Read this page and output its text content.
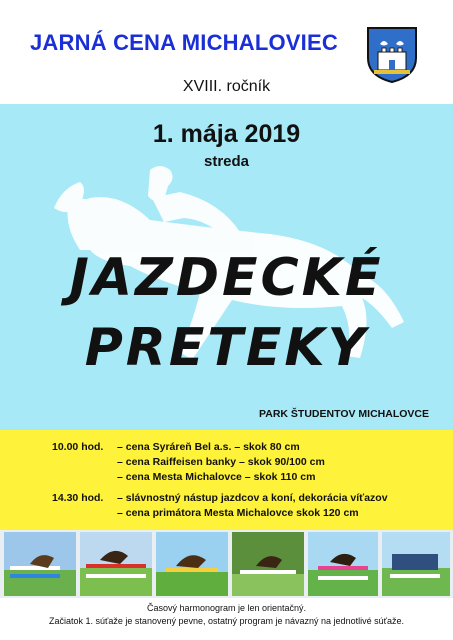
JARNÁ CENA MICHALOVIEC
XVIII. ročník
1. mája 2019
streda
JAZDECKÉ
PRETEKY
PARK ŠTUDENTOV MICHALOVCE
10.00 hod.	– cena Syráreň Bel a.s. – skok 80 cm
– cena Raiffeisen banky – skok 90/100 cm
– cena Mesta Michalovce – skok 110 cm
14.30 hod.	– slávnostný nástup jazdcov a koní, dekorácia víťazov
– cena primátora Mesta Michalovce skok 120 cm
Časový harmonogram je len orientačný.
Začiatok 1. súťaže je stanovený pevne, ostatný program je návazný na jednotlivé súťaže.
